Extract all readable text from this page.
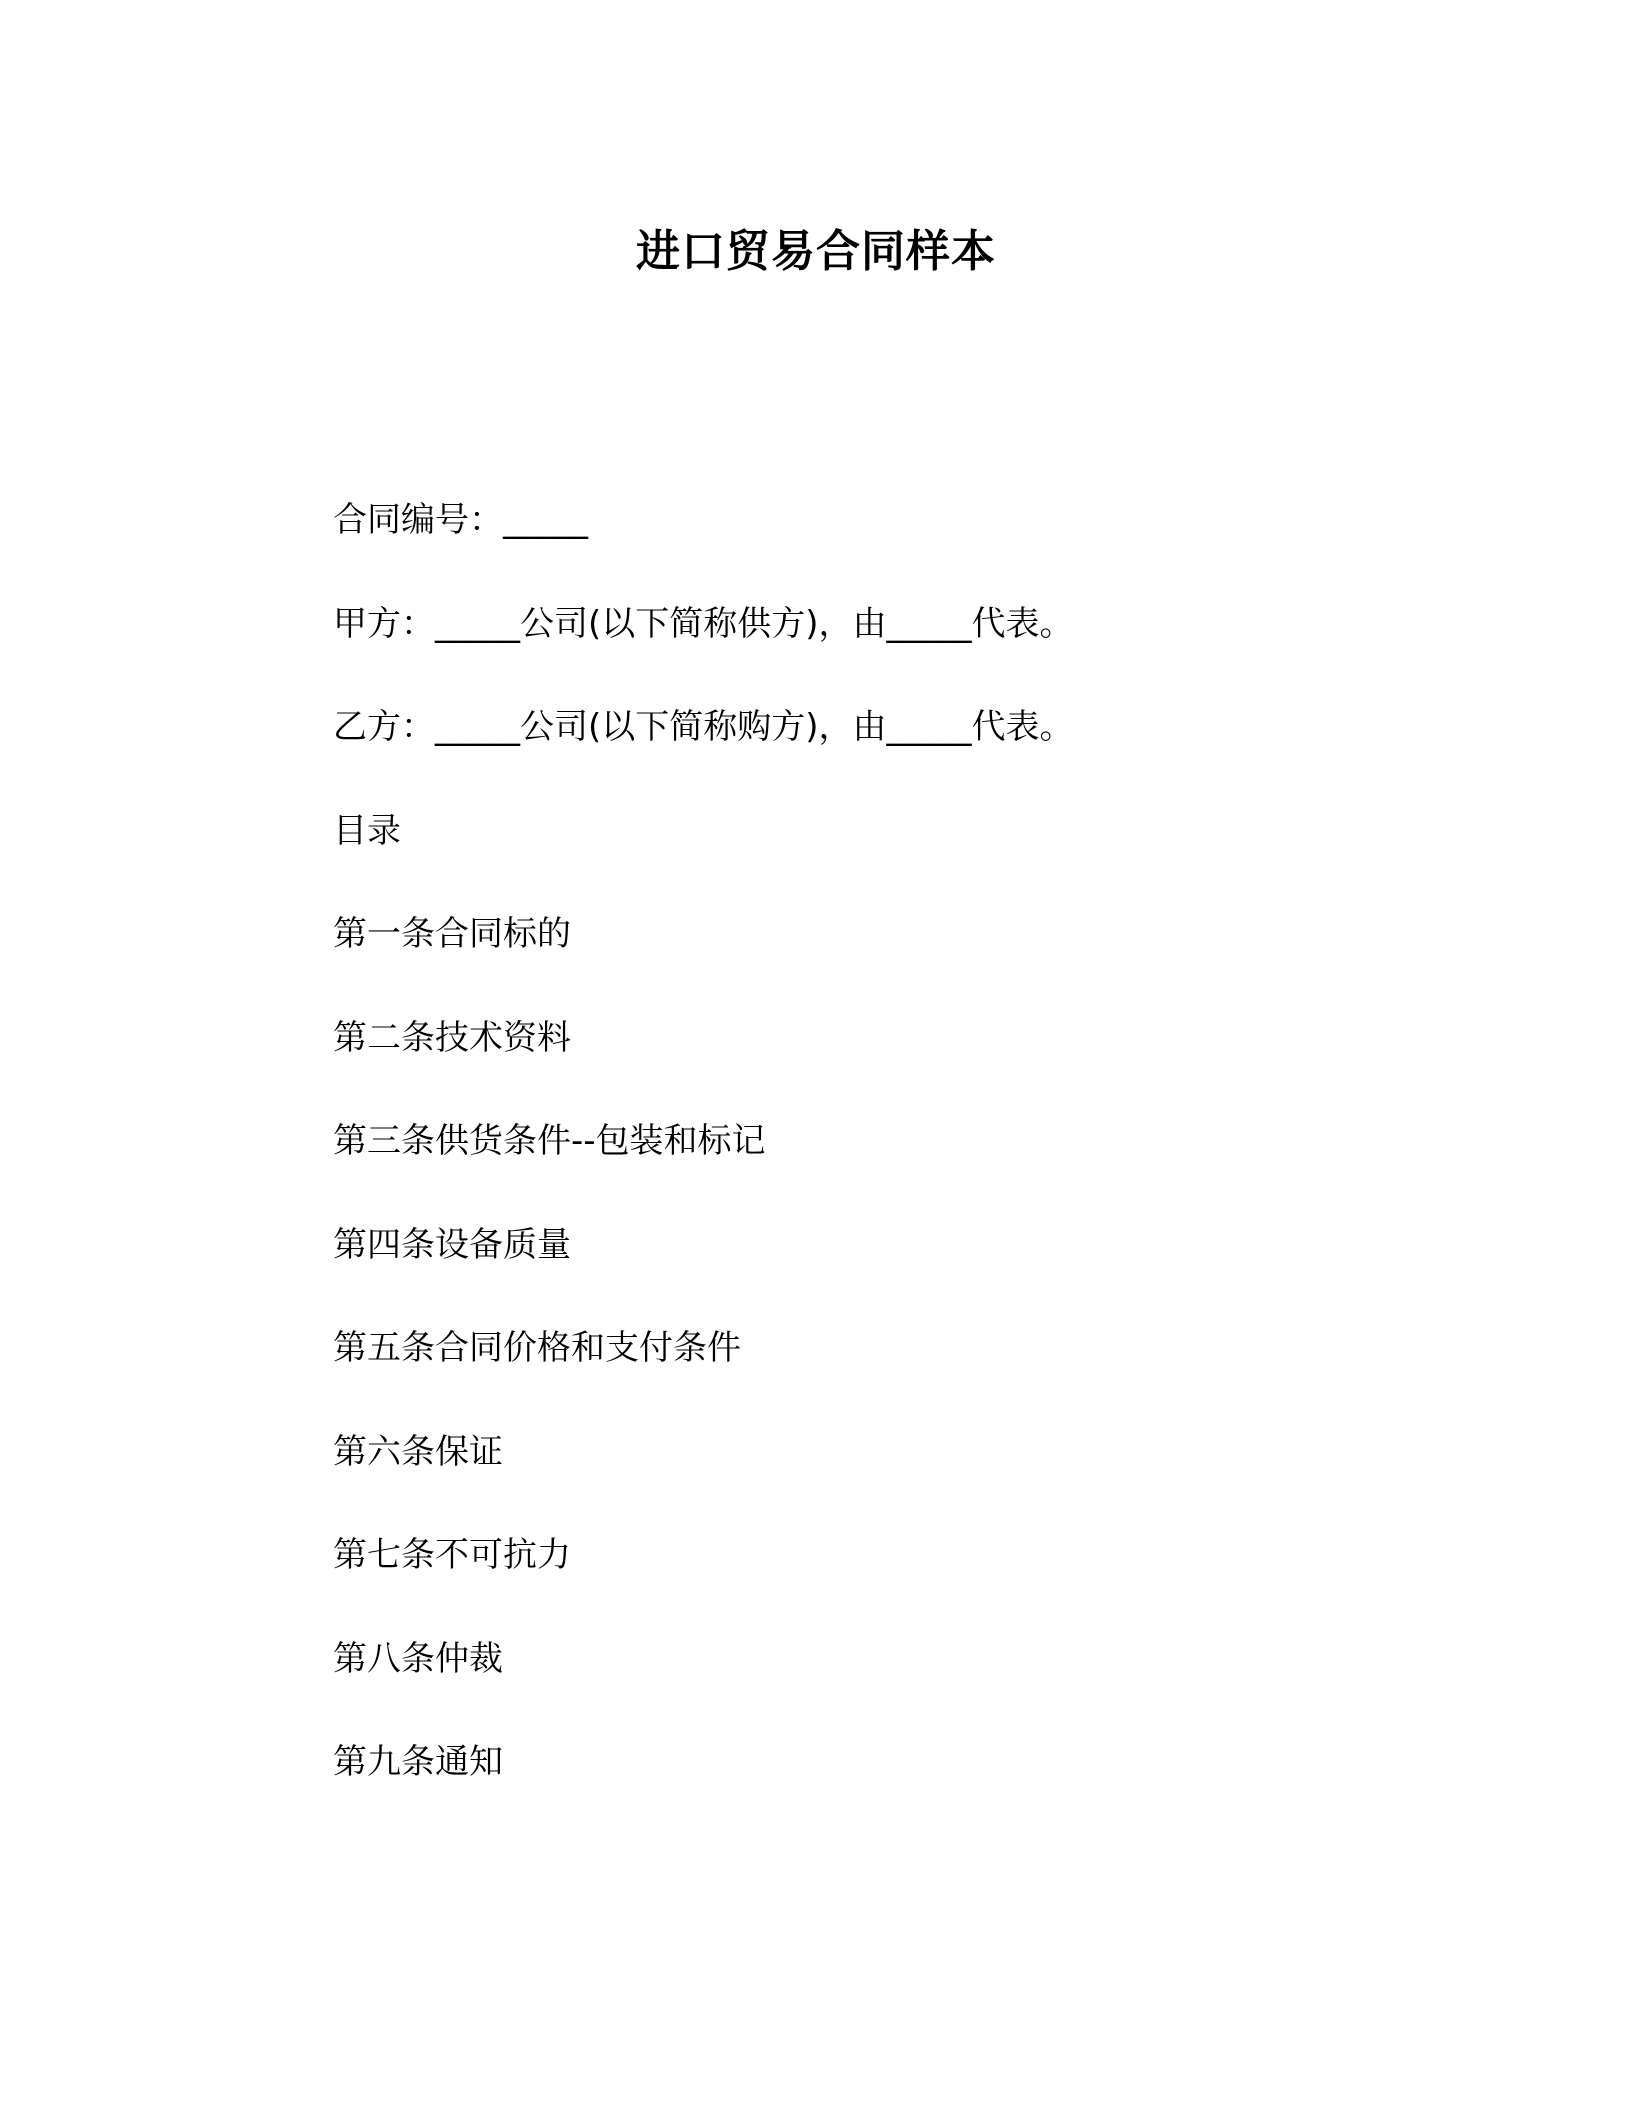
进口贸易合同样本
合同编号：_____
甲方：_____公司(以下简称供方)，由_____代表。
乙方：_____公司(以下简称购方)，由_____代表。
目录
第一条合同标的
第二条技术资料
第三条供货条件--包装和标记
第四条设备质量
第五条合同价格和支付条件
第六条保证
第七条不可抗力
第八条仲裁
第九条通知
